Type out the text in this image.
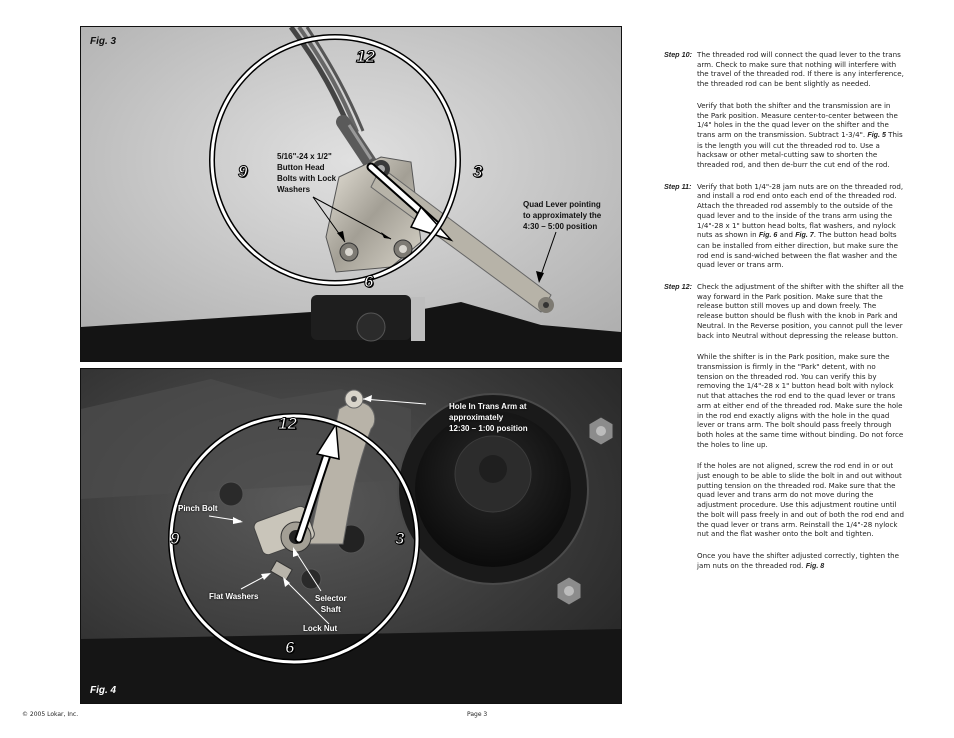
Fig. 3
12
3
6
9
5/16"-24 x 1/2"
Button Head
Bolts with Lock
Washers
Quad Lever pointing
to approximately the
4:30 – 5:00 position
Fig. 4
12
3
6
9
Hole In Trans Arm at
approximately
12:30 – 1:00 position
Pinch Bolt
Flat Washers	Selector
Shaft
Lock Nut
Step 10: The threaded rod will connect the quad lever to the trans arm. Check to make sure that nothing will interfere with the travel of the threaded rod. If there is any interference, the threaded rod can be bent slightly as needed.
Verify that both the shifter and the transmission are in the Park position. Measure center-to-center between the 1/4" holes in the the quad lever on the shifter and the trans arm on the transmission. Subtract 1-3/4". Fig. 5 This is the length you will cut the threaded rod to. Use a hacksaw or other metal-cutting saw to shorten the threaded rod, and then de-burr the cut end of the rod.
Step 11: Verify that both 1/4"-28 jam nuts are on the threaded rod, and install a rod end onto each end of the threaded rod. Attach the threaded rod assembly to the outside of the quad lever and to the inside of the trans arm using the 1/4"-28 x 1" button head bolts, flat washers, and nylock nuts as shown in Fig. 6 and Fig. 7. The button head bolts can be installed from either direction, but make sure the rod end is sand-wiched between the flat washer and the quad lever or trans arm.
Step 12: Check the adjustment of the shifter with the shifter all the way forward in the Park position. Make sure that the release button still moves up and down freely. The release button should be flush with the knob in Park and Neutral. In the Reverse position, you cannot pull the lever back into Neutral without depressing the release button.
While the shifter is in the Park position, make sure the transmission is firmly in the "Park" detent, with no tension on the threaded rod. You can verify this by removing the 1/4"-28 x 1" button head bolt with nylock nut that attaches the rod end to the quad lever or trans arm at either end of the threaded rod. Make sure the hole in the rod end exactly aligns with the hole in the quad lever or trans arm. The bolt should pass freely through both holes at the same time without binding. Do not force the holes to line up.
If the holes are not aligned, screw the rod end in or out just enough to be able to slide the bolt in and out without putting tension on the threaded rod. Make sure that the quad lever and trans arm do not move during the adjustment procedure. Use this adjustment routine until the bolt will pass freely in and out of both the rod end and the quad lever or trans arm. Reinstall the 1/4"-28 nylock nut and the flat washer onto the bolt and tighten.
Once you have the shifter adjusted correctly, tighten the jam nuts on the threaded rod. Fig. 8
© 2005 Lokar, Inc.	Page 3
